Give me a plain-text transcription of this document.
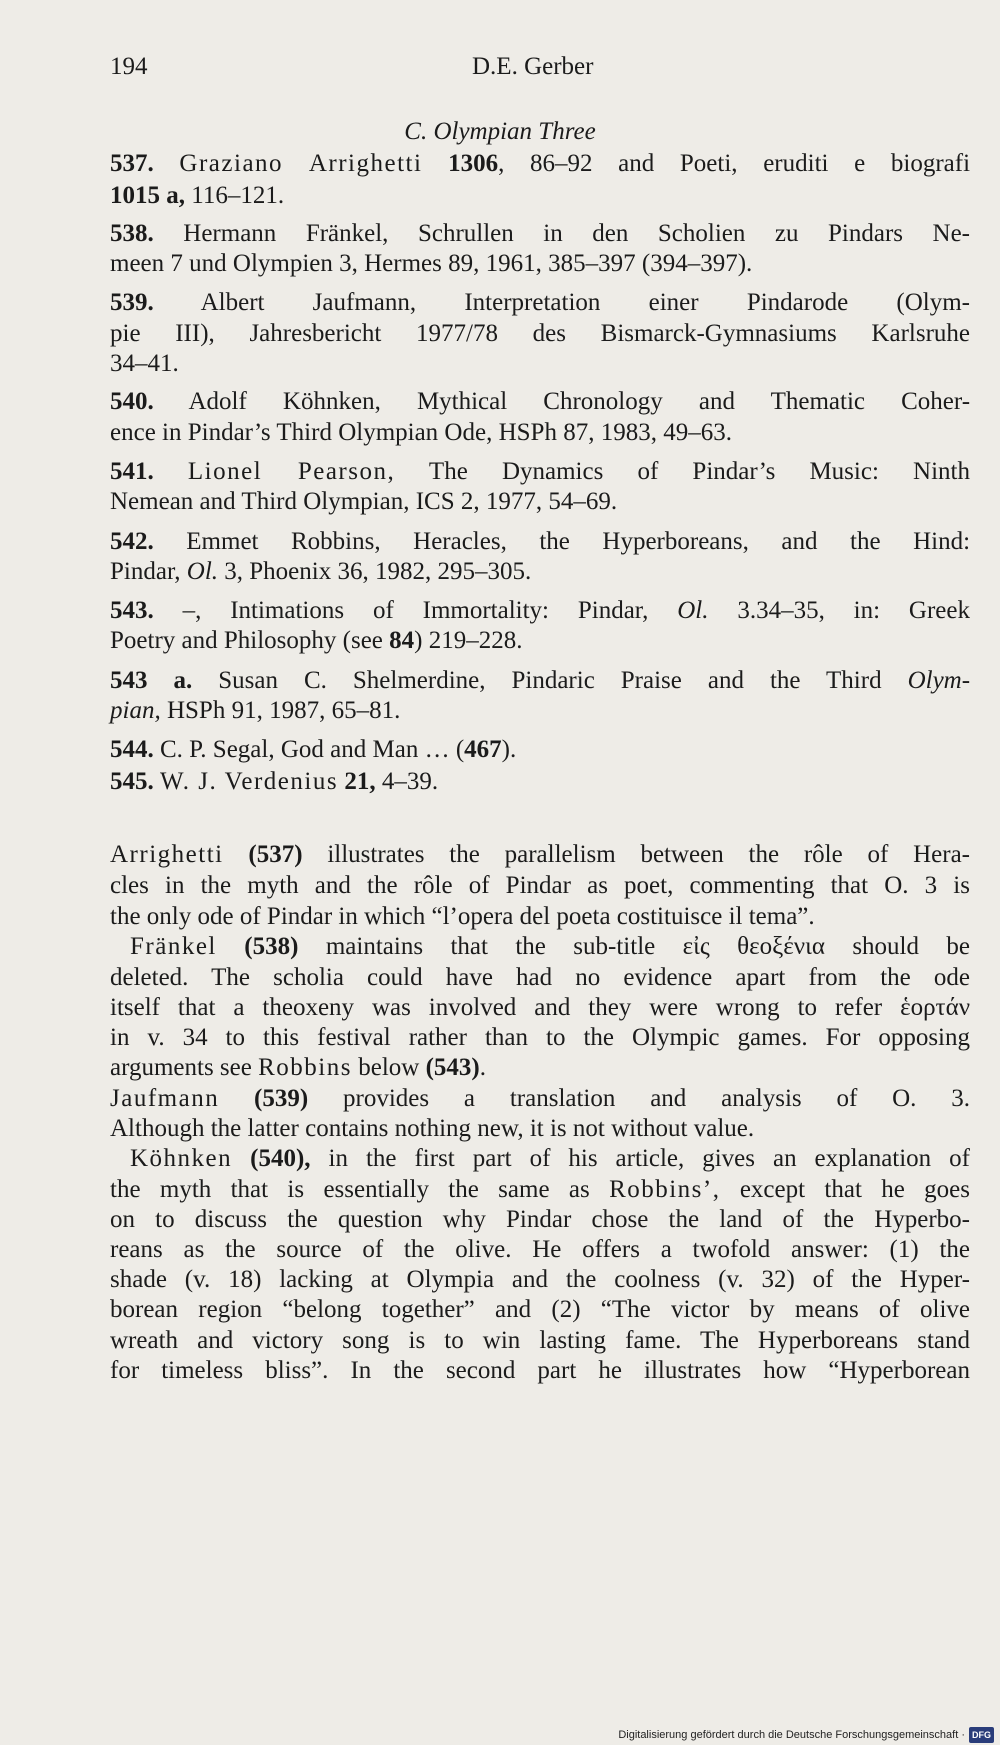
194	D.E. Gerber
C. Olympian Three
537. Graziano Arrighetti 1306, 86–92 and Poeti, eruditi e biografi
1015 a, 116–121.
538. Hermann Fränkel, Schrullen in den Scholien zu Pindars Ne-
meen 7 und Olympien 3, Hermes 89, 1961, 385–397 (394–397).
539. Albert Jaufmann, Interpretation einer Pindarode (Olym-
pie III), Jahresbericht 1977/78 des Bismarck-Gymnasiums Karlsruhe
34–41.
540. Adolf Köhnken, Mythical Chronology and Thematic Coher-
ence in Pindar’s Third Olympian Ode, HSPh 87, 1983, 49–63.
541. Lionel Pearson, The Dynamics of Pindar’s Music: Ninth
Nemean and Third Olympian, ICS 2, 1977, 54–69.
542. Emmet Robbins, Heracles, the Hyperboreans, and the Hind:
Pindar, Ol. 3, Phoenix 36, 1982, 295–305.
543. –, Intimations of Immortality: Pindar, Ol. 3.34–35, in: Greek
Poetry and Philosophy (see 84) 219–228.
543 a. Susan C. Shelmerdine, Pindaric Praise and the Third Olym-
pian, HSPh 91, 1987, 65–81.
544. C. P. Segal, God and Man … (467).
545. W. J. Verdenius 21, 4–39.
Arrighetti (537) illustrates the parallelism between the rôle of Hera-
cles in the myth and the rôle of Pindar as poet, commenting that O. 3 is
the only ode of Pindar in which “l’opera del poeta costituisce il tema”.
Fränkel (538) maintains that the sub-title εἰς θεοξένια should be
deleted. The scholia could have had no evidence apart from the ode
itself that a theoxeny was involved and they were wrong to refer ἑορτάν
in v. 34 to this festival rather than to the Olympic games. For opposing
arguments see Robbins below (543).
Jaufmann (539) provides a translation and analysis of O. 3.
Although the latter contains nothing new, it is not without value.
Köhnken (540), in the first part of his article, gives an explanation of
the myth that is essentially the same as Robbins’, except that he goes
on to discuss the question why Pindar chose the land of the Hyperbo-
reans as the source of the olive. He offers a twofold answer: (1) the
shade (v. 18) lacking at Olympia and the coolness (v. 32) of the Hyper-
borean region “belong together” and (2) “The victor by means of olive
wreath and victory song is to win lasting fame. The Hyperboreans stand
for timeless bliss”. In the second part he illustrates how “Hyperborean
Digitalisierung gefördert durch die Deutsche Forschungsgemeinschaft · DFG
